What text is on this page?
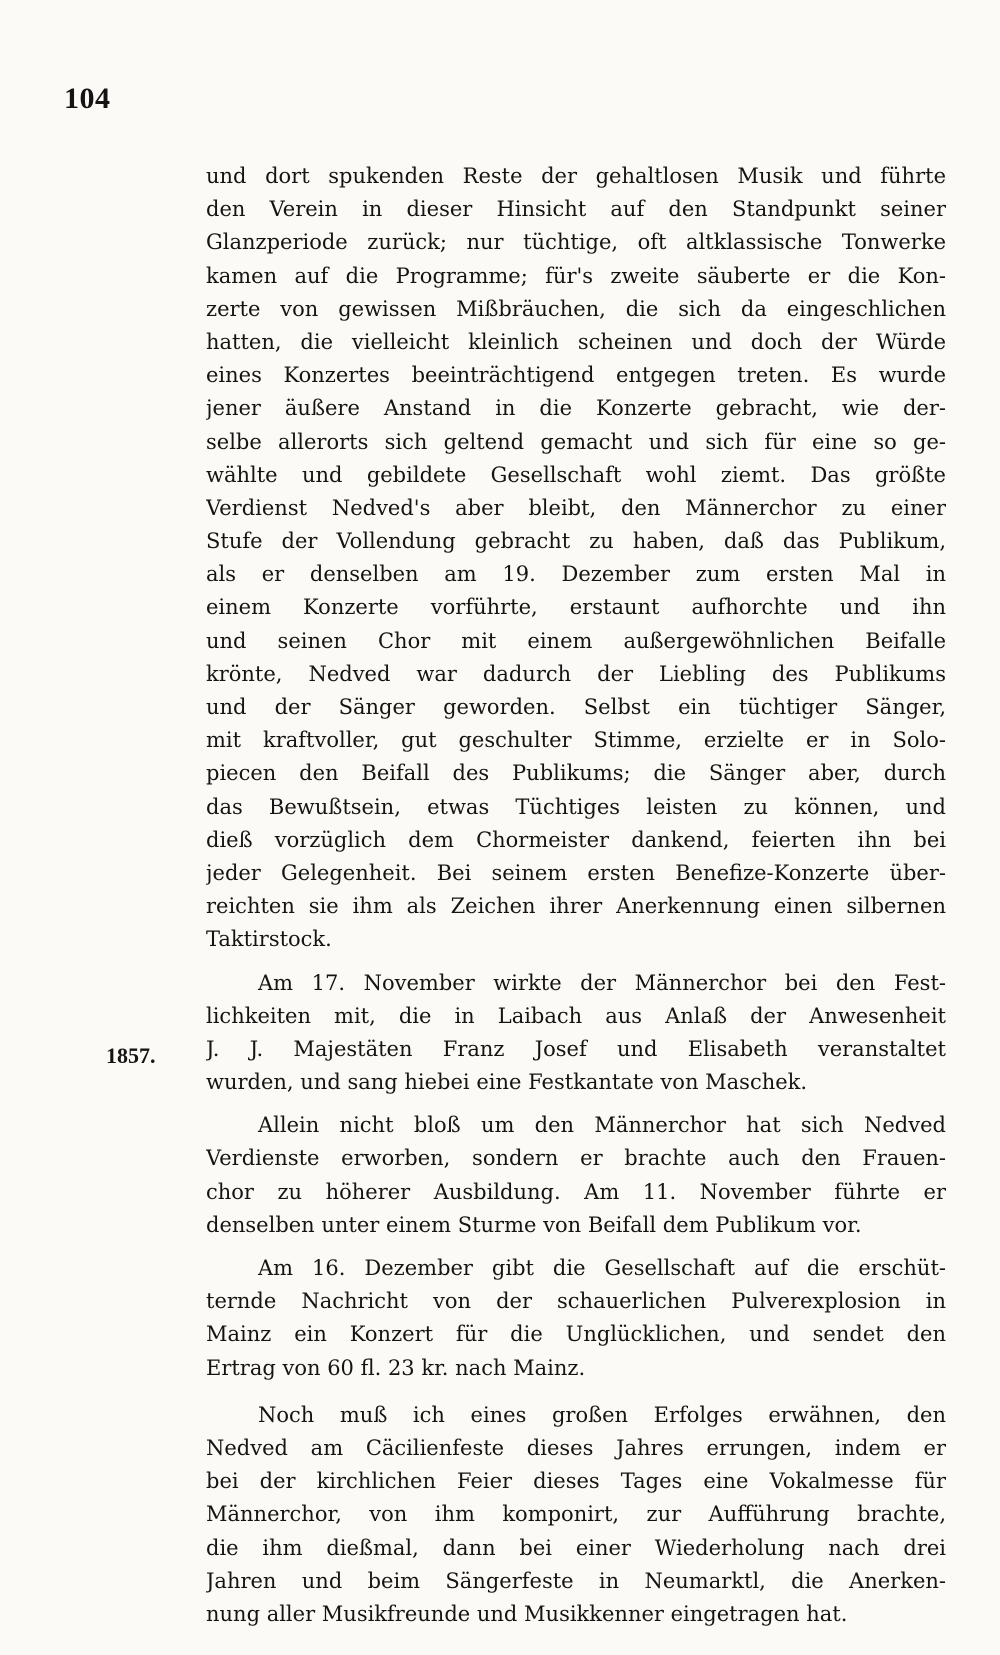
104
1857.
und dort spukenden Reste der gehaltlosen Musik und führte
den Verein in dieser Hinsicht auf den Standpunkt seiner
Glanzperiode zurück; nur tüchtige, oft altklassische Tonwerke
kamen auf die Programme; für's zweite säuberte er die Kon-
zerte von gewissen Mißbräuchen, die sich da eingeschlichen
hatten, die vielleicht kleinlich scheinen und doch der Würde
eines Konzertes beeinträchtigend entgegen treten. Es wurde
jener äußere Anstand in die Konzerte gebracht, wie der-
selbe allerorts sich geltend gemacht und sich für eine so ge-
wählte und gebildete Gesellschaft wohl ziemt. Das größte
Verdienst Nedved's aber bleibt, den Männerchor zu einer
Stufe der Vollendung gebracht zu haben, daß das Publikum,
als er denselben am 19. Dezember zum ersten Mal in
einem Konzerte vorführte, erstaunt aufhorchte und ihn
und seinen Chor mit einem außergewöhnlichen Beifalle
krönte, Nedved war dadurch der Liebling des Publikums
und der Sänger geworden. Selbst ein tüchtiger Sänger,
mit kraftvoller, gut geschulter Stimme, erzielte er in Solo-
piecen den Beifall des Publikums; die Sänger aber, durch
das Bewußtsein, etwas Tüchtiges leisten zu können, und
dieß vorzüglich dem Chormeister dankend, feierten ihn bei
jeder Gelegenheit. Bei seinem ersten Benefize-Konzerte über-
reichten sie ihm als Zeichen ihrer Anerkennung einen silbernen
Taktirstock.
Am 17. November wirkte der Männerchor bei den Fest-
lichkeiten mit, die in Laibach aus Anlaß der Anwesenheit
J. J. Majestäten Franz Josef und Elisabeth veranstaltet
wurden, und sang hiebei eine Festkantate von Maschek.
Allein nicht bloß um den Männerchor hat sich Nedved
Verdienste erworben, sondern er brachte auch den Frauen-
chor zu höherer Ausbildung. Am 11. November führte er
denselben unter einem Sturme von Beifall dem Publikum vor.
Am 16. Dezember gibt die Gesellschaft auf die erschüt-
ternde Nachricht von der schauerlichen Pulverexplosion in
Mainz ein Konzert für die Unglücklichen, und sendet den
Ertrag von 60 fl. 23 kr. nach Mainz.
Noch muß ich eines großen Erfolges erwähnen, den
Nedved am Cäcilienfeste dieses Jahres errungen, indem er
bei der kirchlichen Feier dieses Tages eine Vokalmesse für
Männerchor, von ihm komponirt, zur Aufführung brachte,
die ihm dießmal, dann bei einer Wiederholung nach drei
Jahren und beim Sängerfeste in Neumarktl, die Anerken-
nung aller Musikfreunde und Musikkenner eingetragen hat.
